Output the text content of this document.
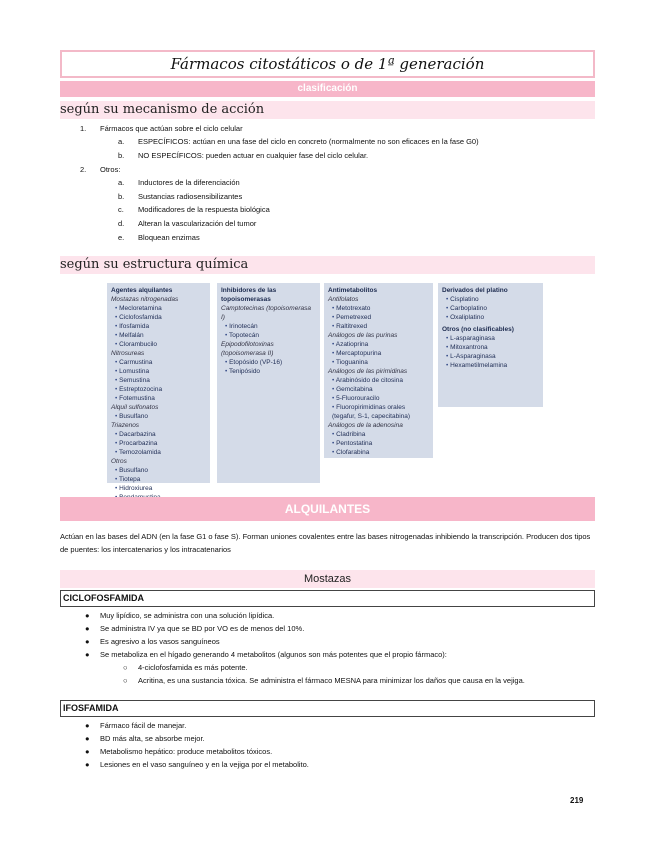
Fármacos citostáticos o de 1ª generación
clasificación
según su mecanismo de acción
1. Fármacos que actúan sobre el ciclo celular
a. ESPECÍFICOS: actúan en una fase del ciclo en concreto (normalmente no son eficaces en la fase G0)
b. NO ESPECÍFICOS: pueden actuar en cualquier fase del ciclo celular.
2. Otros:
a. Inductores de la diferenciación
b. Sustancias radiosensibilizantes
c. Modificadores de la respuesta biológica
d. Alteran la vascularización del tumor
e. Bloquean enzimas
según su estructura química
Agentes alquilantes
Mostazas nitrogenadas
• Mecloretamina
• Ciclofosfamida
• Ifosfamida
• Melfalán
• Clorambucilo
Nitrosureas
• Carmustina
• Lomustina
• Semustina
• Estreptozocina
• Fotemustina
Alquil sulfonatos
• Busulfano
Triazenos
• Dacarbazina
• Procarbazina
• Temozolamida
Otros
• Busulfano
• Tiotepa
• Hidroxiurea
•
Inhibidores de las topoisomerasas
Camptotecinas (topoisomerasa I)
• Irinotecán
• Topotecán
Epipodofilotoxinas (topoisomerasa II)
• Etopósido (VP-16)
• Tenipósido
Antimetabolitos
Antifolatos
• Metotrexato
• Pemetrexed
• Raltitrexed
Análogos de las purinas
• Azatioprina
• Mercaptopurina
• Tioguanina
Análogos de las pirimidinas
• Arabinósido de citosina
• Gemcitabina
• 5-Fluorouracilo
• Fluoropirimidinas orales (tegafur, S-1, capecitabina)
Análogos de la adenosina
• Cladribina
• Pentostatina
• Clofarabina
Derivados del platino
• Cisplatino
• Carboplatino
• Oxaliplatino
Otros (no clasificables)
• L-asparaginasa
• Mitoxantrona
• L-Asparaginasa
• Hexametilmelamina
ALQUILANTES
Actúan en las bases del ADN (en la fase G1 o fase S). Forman uniones covalentes entre las bases nitrogenadas inhibiendo la transcripción. Producen dos tipos de puentes: los intercatenarios y los intracatenarios
Mostazas
CICLOFOSFAMIDA
● Muy lipídico, se administra con una solución lipídica.
● Se administra IV ya que se BD por VO es de menos del 10%.
● Es agresivo a los vasos sanguíneos
● Se metaboliza en el hígado generando 4 metabolitos (algunos son más potentes que el propio fármaco):
○ 4-ciclofosfamida es más potente.
○ Acritina, es una sustancia tóxica. Se administra el fármaco MESNA para minimizar los daños que causa en la vejiga.
IFOSFAMIDA
● Fármaco fácil de manejar.
● BD más alta, se absorbe mejor.
● Metabolismo hepático: produce metabolitos tóxicos.
● Lesiones en el vaso sanguíneo y en la vejiga por el metabolito.
219
